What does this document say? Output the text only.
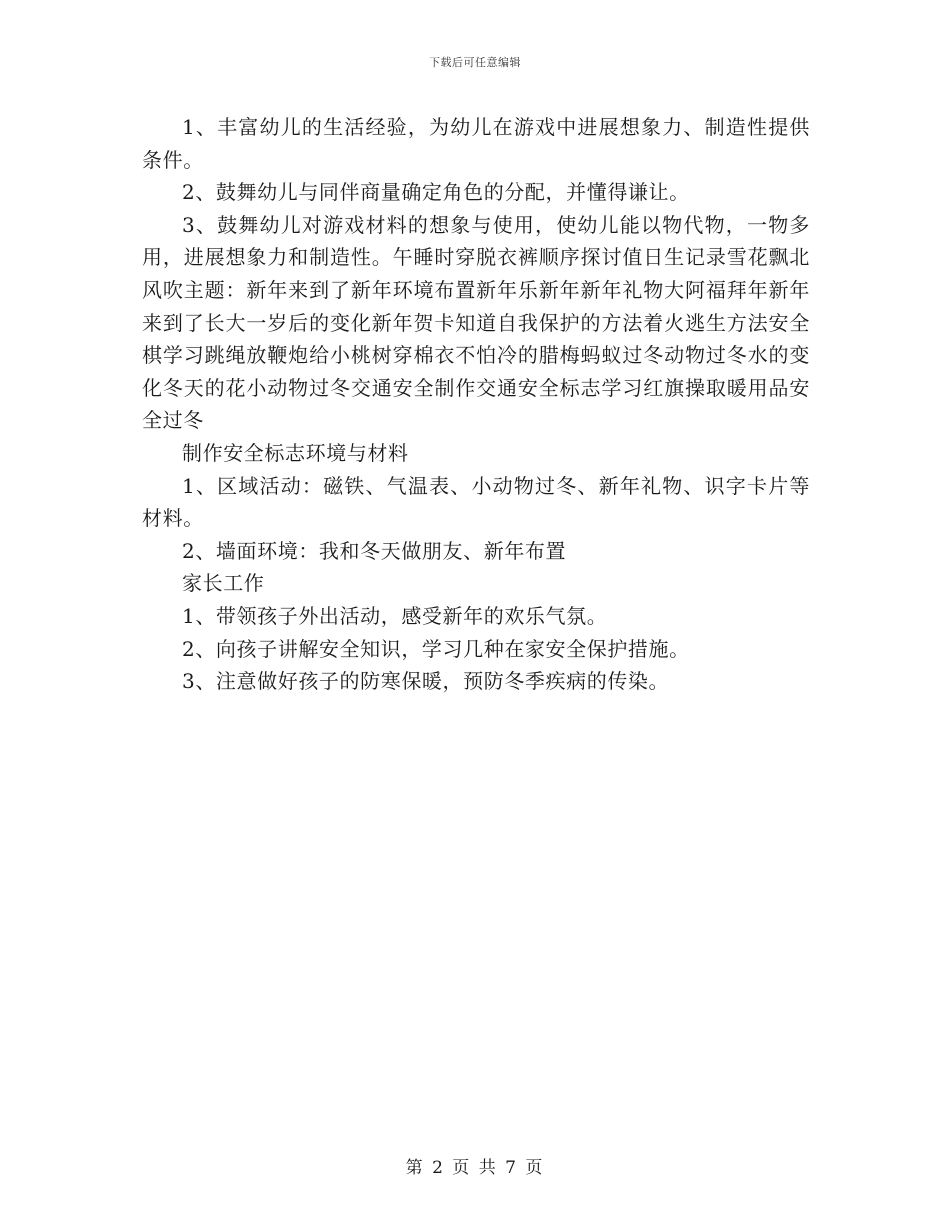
下载后可任意编辑

1、丰富幼儿的生活经验，为幼儿在游戏中进展想象力、制造性提供条件。

2、鼓舞幼儿与同伴商量确定角色的分配，并懂得谦让。

3、鼓舞幼儿对游戏材料的想象与使用，使幼儿能以物代物，一物多用，进展想象力和制造性。午睡时穿脱衣裤顺序探讨值日生记录雪花飘北风吹主题：新年来到了新年环境布置新年乐新年新年礼物大阿福拜年新年来到了长大一岁后的变化新年贺卡知道自我保护的方法着火逃生方法安全棋学习跳绳放鞭炮给小桃树穿棉衣不怕冷的腊梅蚂蚁过冬动物过冬水的变化冬天的花小动物过冬交通安全制作交通安全标志学习红旗操取暖用品安全过冬

制作安全标志环境与材料

1、区域活动：磁铁、气温表、小动物过冬、新年礼物、识字卡片等材料。

2、墙面环境：我和冬天做朋友、新年布置

家长工作

1、带领孩子外出活动，感受新年的欢乐气氛。

2、向孩子讲解安全知识，学习几种在家安全保护措施。

3、注意做好孩子的防寒保暖，预防冬季疾病的传染。

第 2 页 共 7 页
